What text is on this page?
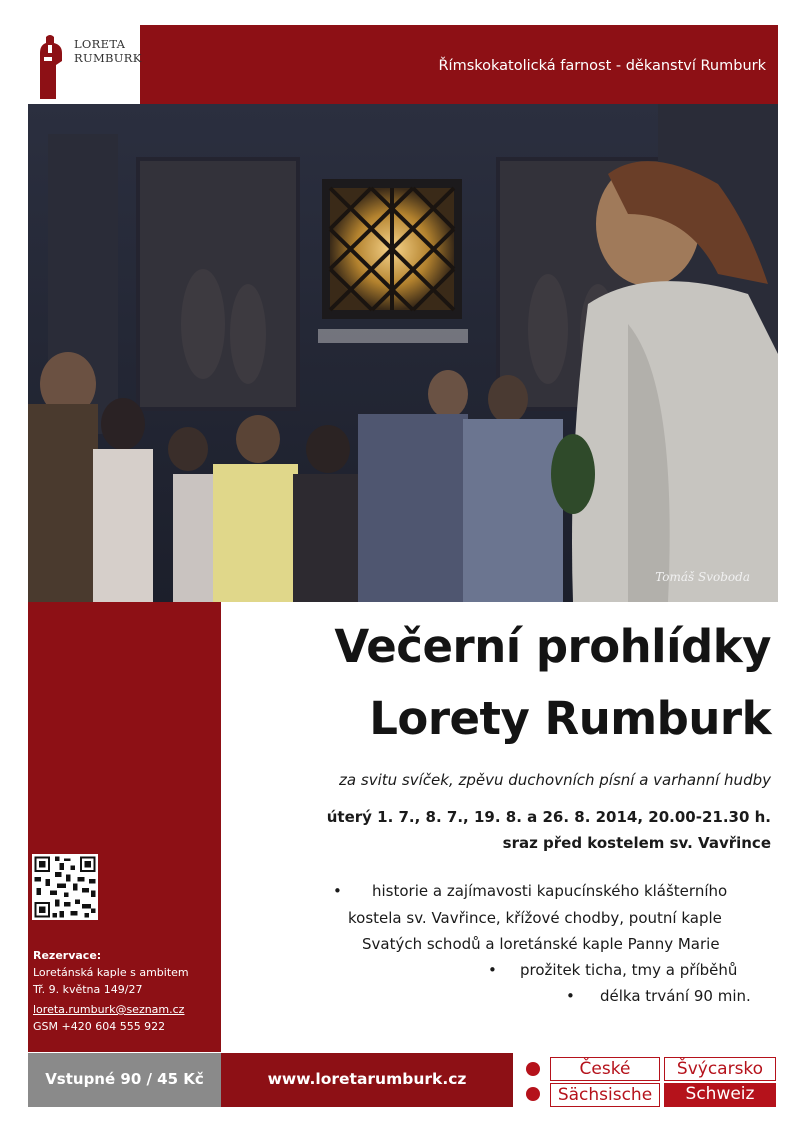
LORETA
RUMBURK	Římskokatolická farnost - děkanství Rumburk
Tomáš Svoboda
Rezervace:
Loretánská kaple s ambitem
Tř. 9. května 149/27
loreta.rumburk@seznam.cz
GSM +420 604 555 922
Večerní prohlídky
Lorety Rumburk
za svitu svíček, zpěvu duchovních písní a varhanní hudby
úterý 1. 7., 8. 7., 19. 8. a 26. 8. 2014, 20.00-21.30 h.
sraz před kostelem sv. Vavřince
• historie a zajímavosti kapucínského klášterního
kostela sv. Vavřince, křížové chodby, poutní kaple
Svatých schodů a loretánské kaple Panny Marie
• prožitek ticha, tmy a příběhů
• délka trvání 90 min.
Vstupné 90 / 45 Kč	www.loretarumburk.cz	České	Švýcarsko
Sächsische	Schweiz
